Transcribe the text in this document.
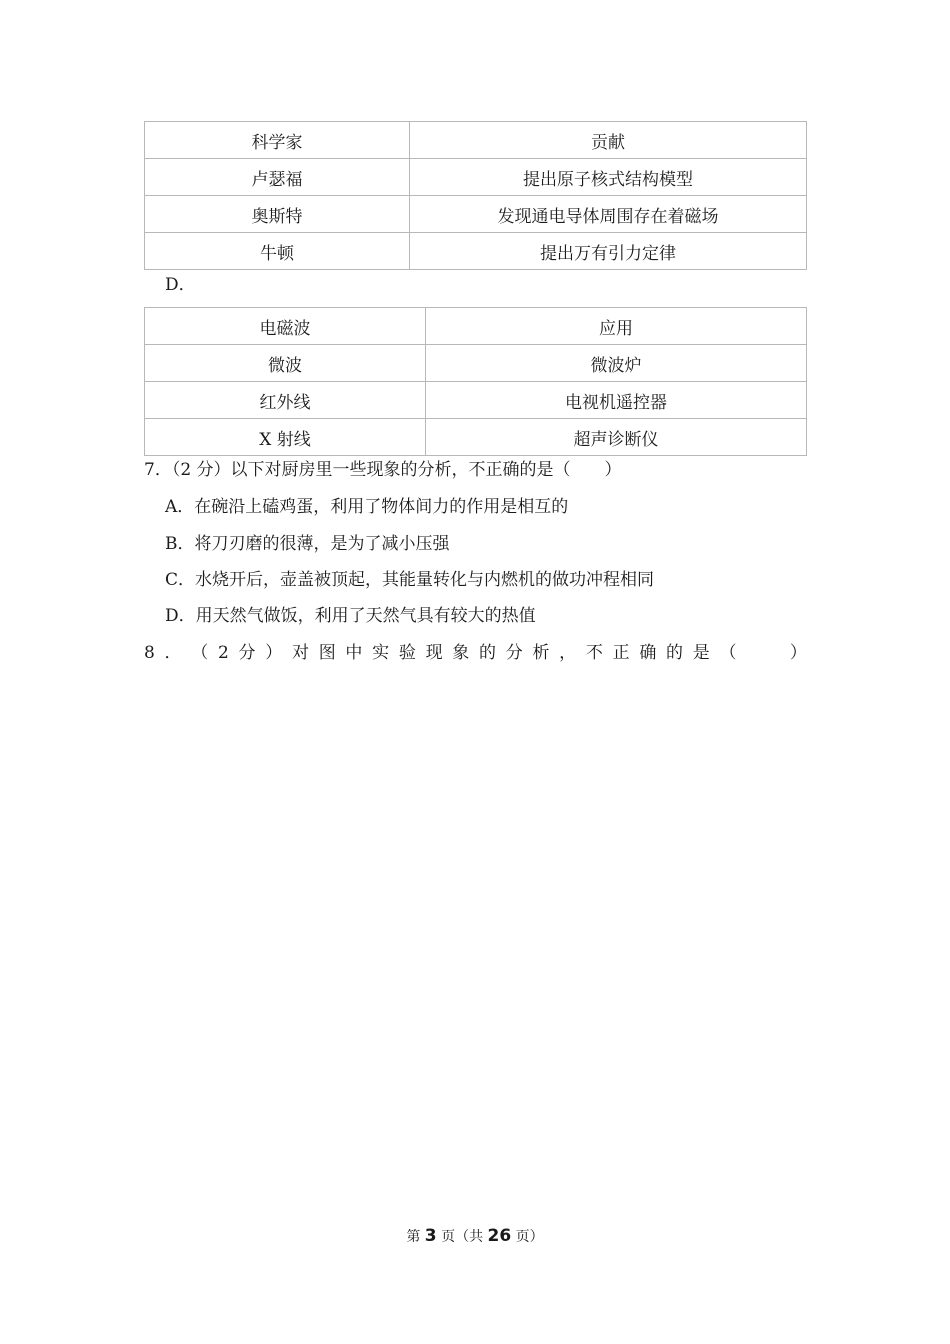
科学家	贡献
卢瑟福	提出原子核式结构模型
奥斯特	发现通电导体周围存在着磁场
牛顿	提出万有引力定律
D．
电磁波	应用
微波	微波炉
红外线	电视机遥控器
X 射线	超声诊断仪
7．（2 分）以下对厨房里一些现象的分析，不正确的是（　　）
A．在碗沿上磕鸡蛋，利用了物体间力的作用是相互的
B．将刀刃磨的很薄，是为了减小压强
C．水烧开后，壶盖被顶起，其能量转化与内燃机的做功冲程相同
D．用天然气做饭，利用了天然气具有较大的热值
8 ． （ 2 分 ） 对 图 中 实 验 现 象 的 分 析 ， 不 正 确 的 是 （
　　	）
第 3 页（共 26 页）
